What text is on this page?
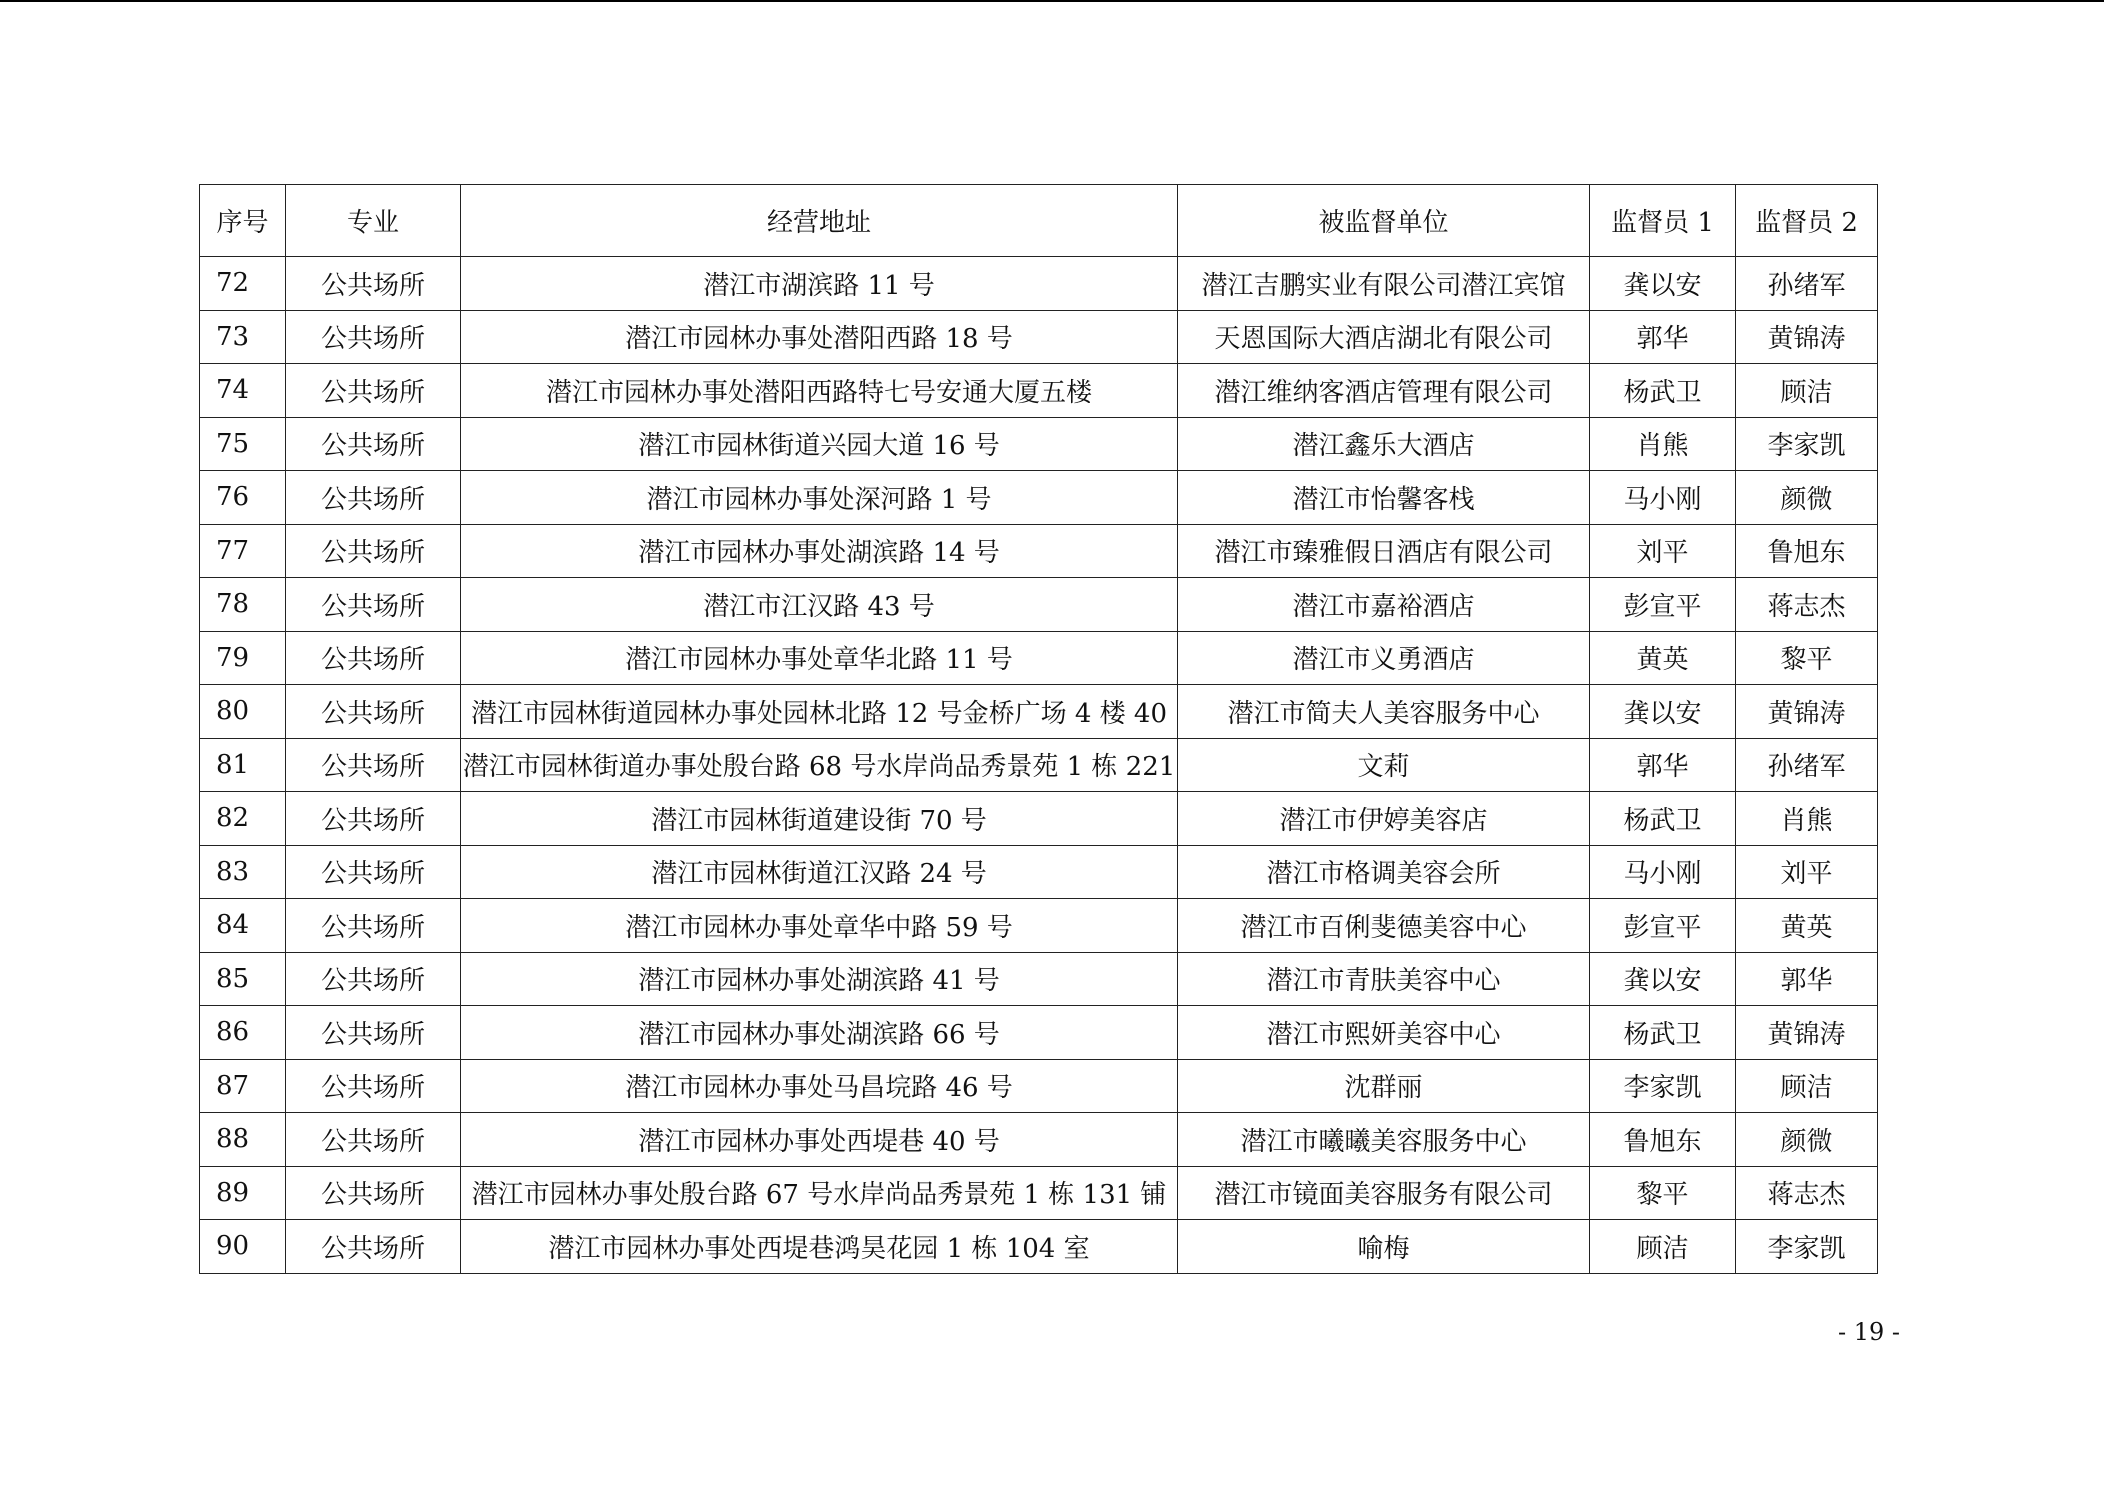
序号	专业	经营地址	被监督单位	监督员 1	监督员 2
72	公共场所	潜江市湖滨路 11 号	潜江吉鹏实业有限公司潜江宾馆	龚以安	孙绪军
73	公共场所	潜江市园林办事处潜阳西路 18 号	天恩国际大酒店湖北有限公司	郭华	黄锦涛
74	公共场所	潜江市园林办事处潜阳西路特七号安通大厦五楼	潜江维纳客酒店管理有限公司	杨武卫	顾洁
75	公共场所	潜江市园林街道兴园大道 16 号	潜江鑫乐大酒店	肖熊	李家凯
76	公共场所	潜江市园林办事处深河路 1 号	潜江市怡馨客栈	马小刚	颜微
77	公共场所	潜江市园林办事处湖滨路 14 号	潜江市臻雅假日酒店有限公司	刘平	鲁旭东
78	公共场所	潜江市江汉路 43 号	潜江市嘉裕酒店	彭宣平	蒋志杰
79	公共场所	潜江市园林办事处章华北路 11 号	潜江市义勇酒店	黄英	黎平
80	公共场所	潜江市园林街道园林办事处园林北路 12 号金桥广场 4 楼 40	潜江市简夫人美容服务中心	龚以安	黄锦涛
81	公共场所	潜江市园林街道办事处殷台路 68 号水岸尚品秀景苑 1 栋 221	文莉	郭华	孙绪军
82	公共场所	潜江市园林街道建设街 70 号	潜江市伊婷美容店	杨武卫	肖熊
83	公共场所	潜江市园林街道江汉路 24 号	潜江市格调美容会所	马小刚	刘平
84	公共场所	潜江市园林办事处章华中路 59 号	潜江市百俐斐德美容中心	彭宣平	黄英
85	公共场所	潜江市园林办事处湖滨路 41 号	潜江市青肤美容中心	龚以安	郭华
86	公共场所	潜江市园林办事处湖滨路 66 号	潜江市熙妍美容中心	杨武卫	黄锦涛
87	公共场所	潜江市园林办事处马昌垸路 46 号	沈群丽	李家凯	顾洁
88	公共场所	潜江市园林办事处西堤巷 40 号	潜江市曦曦美容服务中心	鲁旭东	颜微
89	公共场所	潜江市园林办事处殷台路 67 号水岸尚品秀景苑 1 栋 131 铺	潜江市镜面美容服务有限公司	黎平	蒋志杰
90	公共场所	潜江市园林办事处西堤巷鸿昊花园 1 栋 104 室	喻梅	顾洁	李家凯
- 19 -
